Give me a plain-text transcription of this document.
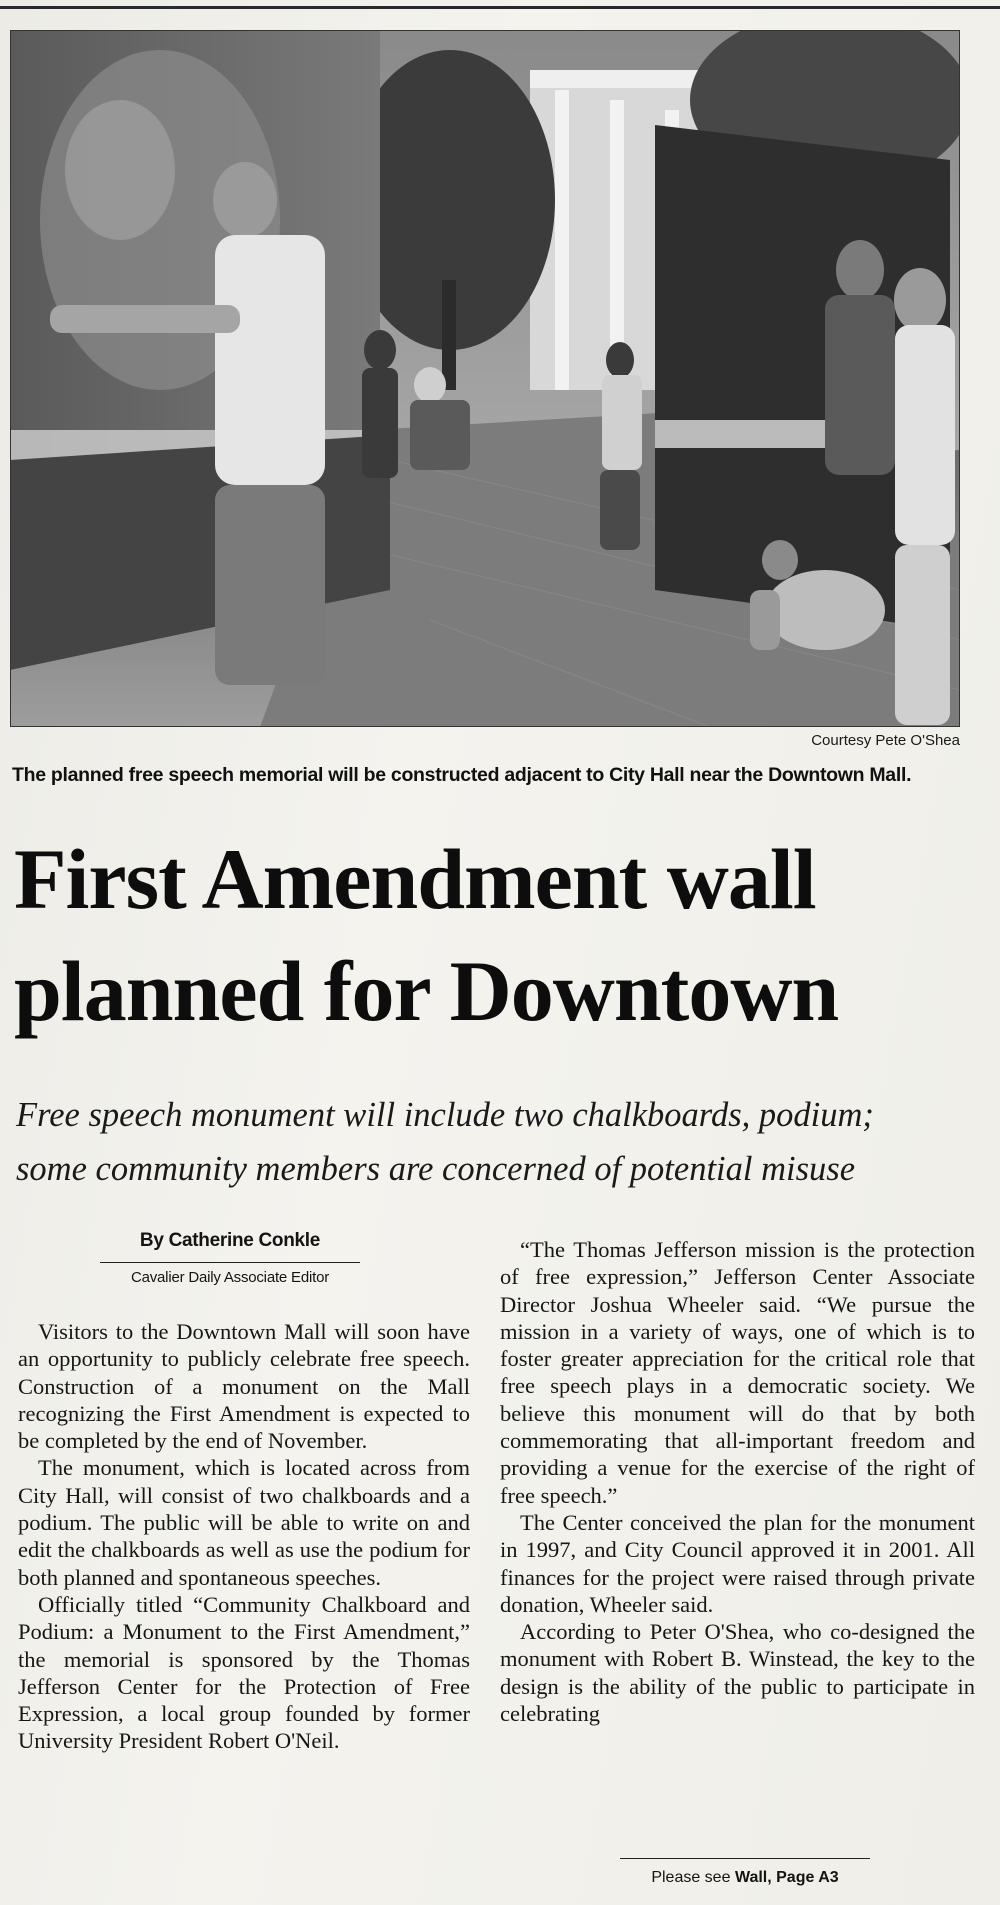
Courtesy Pete O'Shea
The planned free speech memorial will be constructed adjacent to City Hall near the Downtown Mall.
First Amendment wall
planned for Downtown
Free speech monument will include two chalkboards, podium;
some community members are concerned of potential misuse
By Catherine Conkle
Cavalier Daily Associate Editor

Visitors to the Downtown Mall will soon have an opportunity to publicly celebrate free speech. Construction of a monument on the Mall recognizing the First Amendment is expected to be completed by the end of November.

The monument, which is located across from City Hall, will consist of two chalkboards and a podium. The public will be able to write on and edit the chalkboards as well as use the podium for both planned and spontaneous speeches.

Officially titled “Community Chalkboard and Podium: a Monument to the First Amendment,” the memorial is sponsored by the Thomas Jefferson Center for the Protection of Free Expression, a local group founded by former University President Robert O'Neil.

“The Thomas Jefferson mission is the protection of free expression,” Jefferson Center Associate Director Joshua Wheeler said. “We pursue the mission in a variety of ways, one of which is to foster greater appreciation for the critical role that free speech plays in a democratic society. We believe this monument will do that by both commemorating that all-important freedom and providing a venue for the exercise of the right of free speech.”

The Center conceived the plan for the monument in 1997, and City Council approved it in 2001. All finances for the project were raised through private donation, Wheeler said.

According to Peter O'Shea, who co-designed the monument with Robert B. Winstead, the key to the design is the ability of the public to participate in celebrating

Please see Wall, Page A3
